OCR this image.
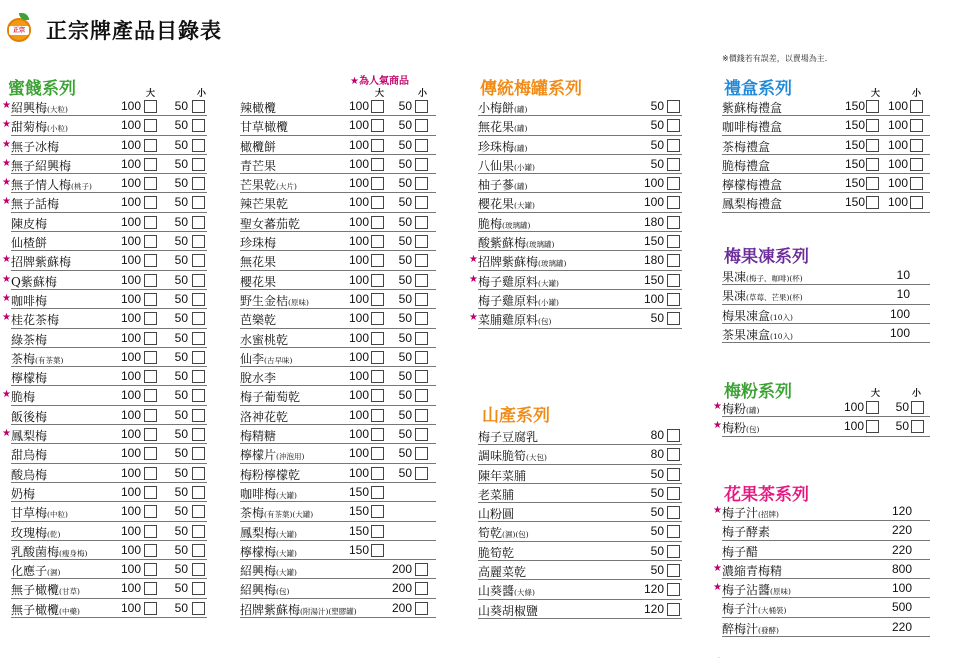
正宗 正宗牌產品目錄表
※價錢若有誤差，以賣場為主．
★為人氣商品
蜜餞系列	傳統梅罐系列
山產系列
禮盒系列
梅果凍系列
梅粉系列
花果茶系列
大	小	大	小	大	小
大	小
★ 紹興梅(大粒)	100	50
★ 甜菊梅(小粒)	100	50
★ 無子冰梅	100	50
★ 無子紹興梅	100	50
★ 無子情人梅(桃子) 100	50
★ 無子話梅	100	50
陳皮梅	100	50
仙楂餅	100	50
★ 招牌紫蘇梅	100	50
★ Q紫蘇梅	100	50
★ 咖啡梅	100	50
★ 桂花茶梅	100	50
綠茶梅	100	50
茶梅(有茶葉)	100	50
檸檬梅	100	50
★ 脆梅	100	50
飯後梅	100	50
★ 鳳梨梅	100	50
甜烏梅	100	50
酸烏梅	100	50
奶梅	100	50
甘草梅(中粒)	100	50
玫瑰梅(乾)	100	50
乳酸菌梅(瘦身梅)	100	50
化應子(濕)	100	50
無子橄欖(甘草)	100	50
無子橄欖(中藥)	100	50
辣橄欖	100 50
甘草橄欖	100 50
橄欖餅	100 50
青芒果	100 50
芒果乾(大片)	100 50
辣芒果乾	100 50
聖女蕃茄乾	100 50
珍珠梅	100 50
無花果	100 50
櫻花果	100 50
野生金桔(原味)	100 50
芭樂乾	100 50
水蜜桃乾	100 50
仙李(古早味)	100 50
脫水李	100 50
梅子葡萄乾	100 50
洛神花乾	100 50
梅精糖	100 50
檸檬片(沖泡用)	100 50
梅粉檸檬乾	100 50
咖啡梅(大罐)	150
茶梅(有茶葉)(大罐)	150
鳳梨梅(大罐)	150
檸檬梅(大罐)	150
紹興梅(大罐)	200
紹興梅(包)	200
招牌紫蘇梅(附湯汁)(塑膠罐)	200
小梅餅(罐)	50
無花果(罐)	50
珍珠梅(罐)	50
八仙果(小罐)	50
柚子蔘(罐)	100
櫻花果(大罐)	100
脆梅(玻璃罐)	180
酸紫蘇梅(玻璃罐)	150
★ 招牌紫蘇梅(玻璃罐)	180
★ 梅子雞原料(大罐)	150
梅子雞原料(小罐)	100
★ 菜脯雞原料(包)	50
梅子豆腐乳	80
調味脆筍(大包)	80
陳年菜脯	50
老菜脯	50
山粉圓	50
筍乾(濕)(包)	50
脆筍乾	50
高麗菜乾	50
山葵醬(大條)	120
山葵胡椒鹽	120
紫蘇梅禮盒	150 100
咖啡梅禮盒	150 100
茶梅禮盒	150 100
脆梅禮盒	150 100
檸檬梅禮盒	150 100
鳳梨梅禮盒	150 100
果凍(梅子、咖啡)(杯)	10
果凍(草莓、芒果)(杯)	10
梅果凍盒(10入)	100
茶果凍盒(10入)	100
★ 梅粉(罐)	100	50
★ 梅粉(包)	100	50
★ 梅子汁(招牌)	120
梅子酵素	220
梅子醋	220
★ 濃縮青梅精	800
★ 梅子沾醬(原味)	100
梅子汁(大桶裝)	500
醉梅汁(發酵)	220
·
